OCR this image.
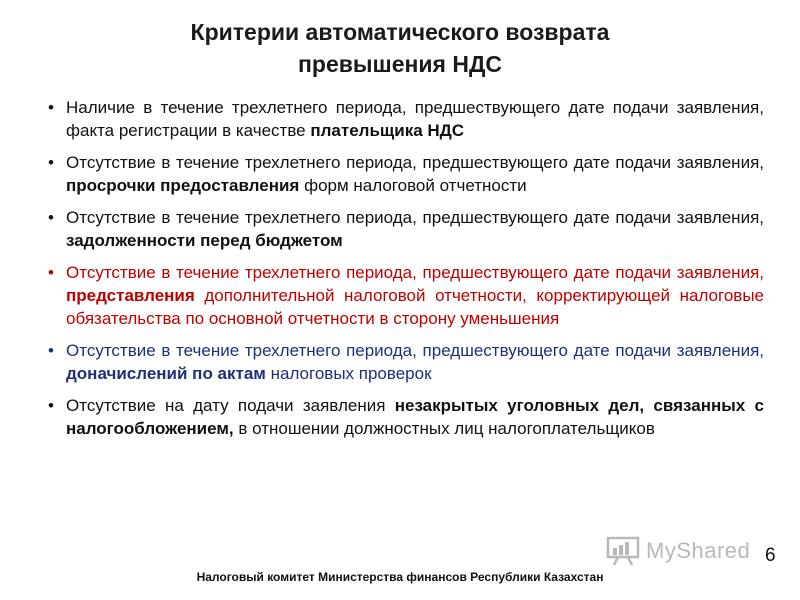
Критерии автоматического возврата
превышения НДС
• Наличие в течение трехлетнего периода, предшествующего дате подачи заявления, факта регистрации в качестве плательщика НДС
• Отсутствие в течение трехлетнего периода, предшествующего дате подачи заявления, просрочки предоставления форм налоговой отчетности
• Отсутствие в течение трехлетнего периода, предшествующего дате подачи заявления, задолженности перед бюджетом
• Отсутствие в течение трехлетнего периода, предшествующего дате подачи заявления, представления дополнительной налоговой отчетности, корректирующей налоговые обязательства по основной отчетности в сторону уменьшения
• Отсутствие в течение трехлетнего периода, предшествующего дате подачи заявления, доначислений по актам налоговых проверок
• Отсутствие на дату подачи заявления незакрытых уголовных дел, связанных с налогообложением, в отношении должностных лиц налогоплательщиков
MyShared 6
Налоговый комитет Министерства финансов Республики Казахстан
